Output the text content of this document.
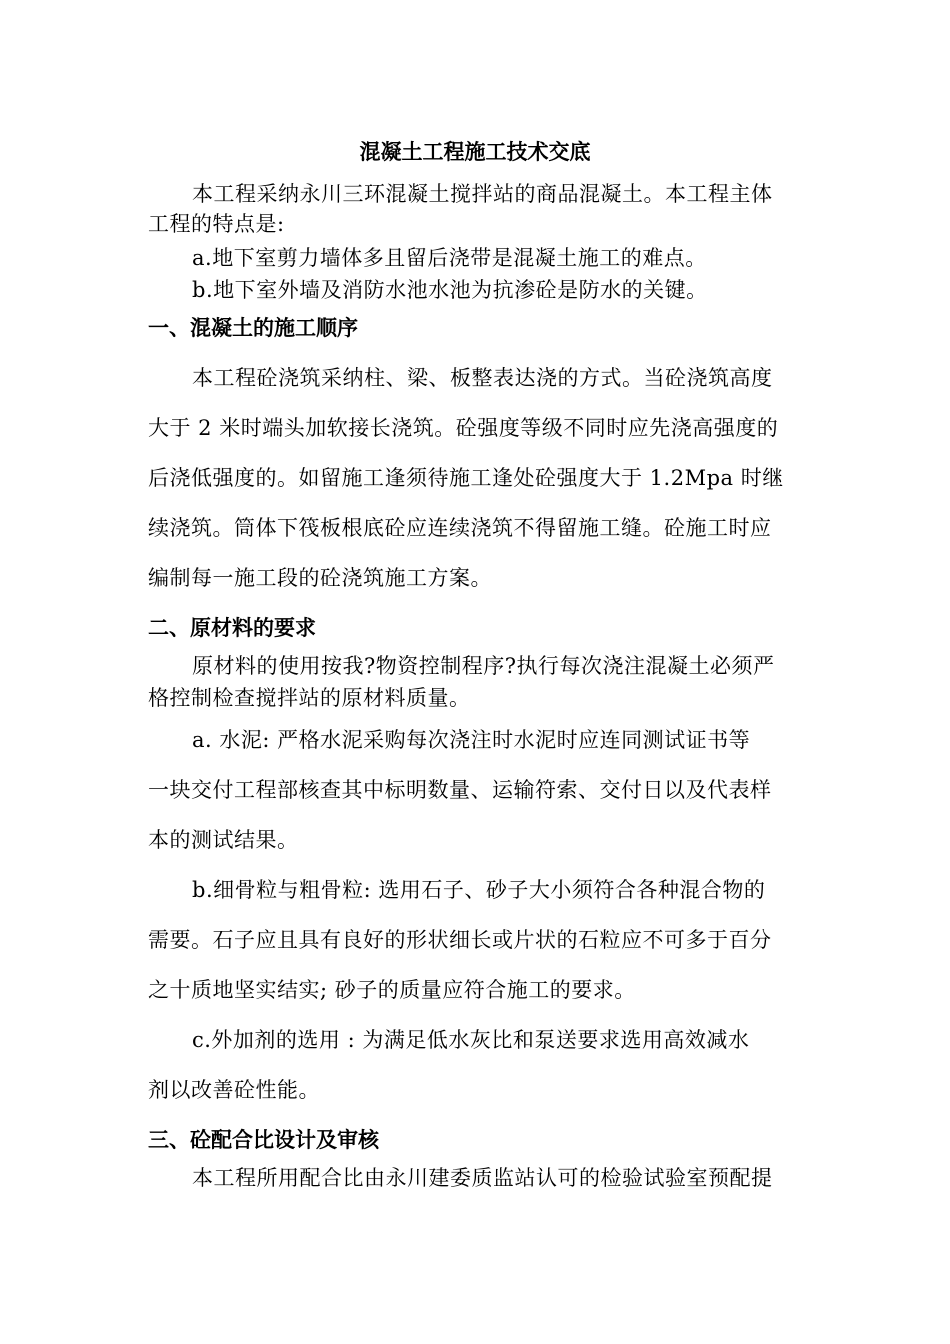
混凝土工程施工技术交底
本工程采纳永川三环混凝土搅拌站的商品混凝土。本工程主体
工程的特点是:
a.地下室剪力墙体多且留后浇带是混凝土施工的难点。
b.地下室外墙及消防水池水池为抗渗砼是防水的关键。
一、混凝土的施工顺序
本工程砼浇筑采纳柱、梁、板整表达浇的方式。当砼浇筑高度
大于 2 米时端头加软接长浇筑。砼强度等级不同时应先浇高强度的
后浇低强度的。如留施工逢须待施工逢处砼强度大于 1.2Mpa 时继
续浇筑。筒体下筏板根底砼应连续浇筑不得留施工缝。砼施工时应
编制每一施工段的砼浇筑施工方案。
二、原材料的要求
原材料的使用按我?物资控制程序?执行每次浇注混凝土必须严
格控制检查搅拌站的原材料质量。
a. 水泥: 严格水泥采购每次浇注时水泥时应连同测试证书等
一块交付工程部核查其中标明数量、运输符索、交付日以及代表样
本的测试结果。
b.细骨粒与粗骨粒: 选用石子、砂子大小须符合各种混合物的
需要。石子应且具有良好的形状细长或片状的石粒应不可多于百分
之十质地坚实结实; 砂子的质量应符合施工的要求。
c.外加剂的选用 : 为满足低水灰比和泵送要求选用高效减水
剂以改善砼性能。
三、砼配合比设计及审核
本工程所用配合比由永川建委质监站认可的检验试验室预配提
